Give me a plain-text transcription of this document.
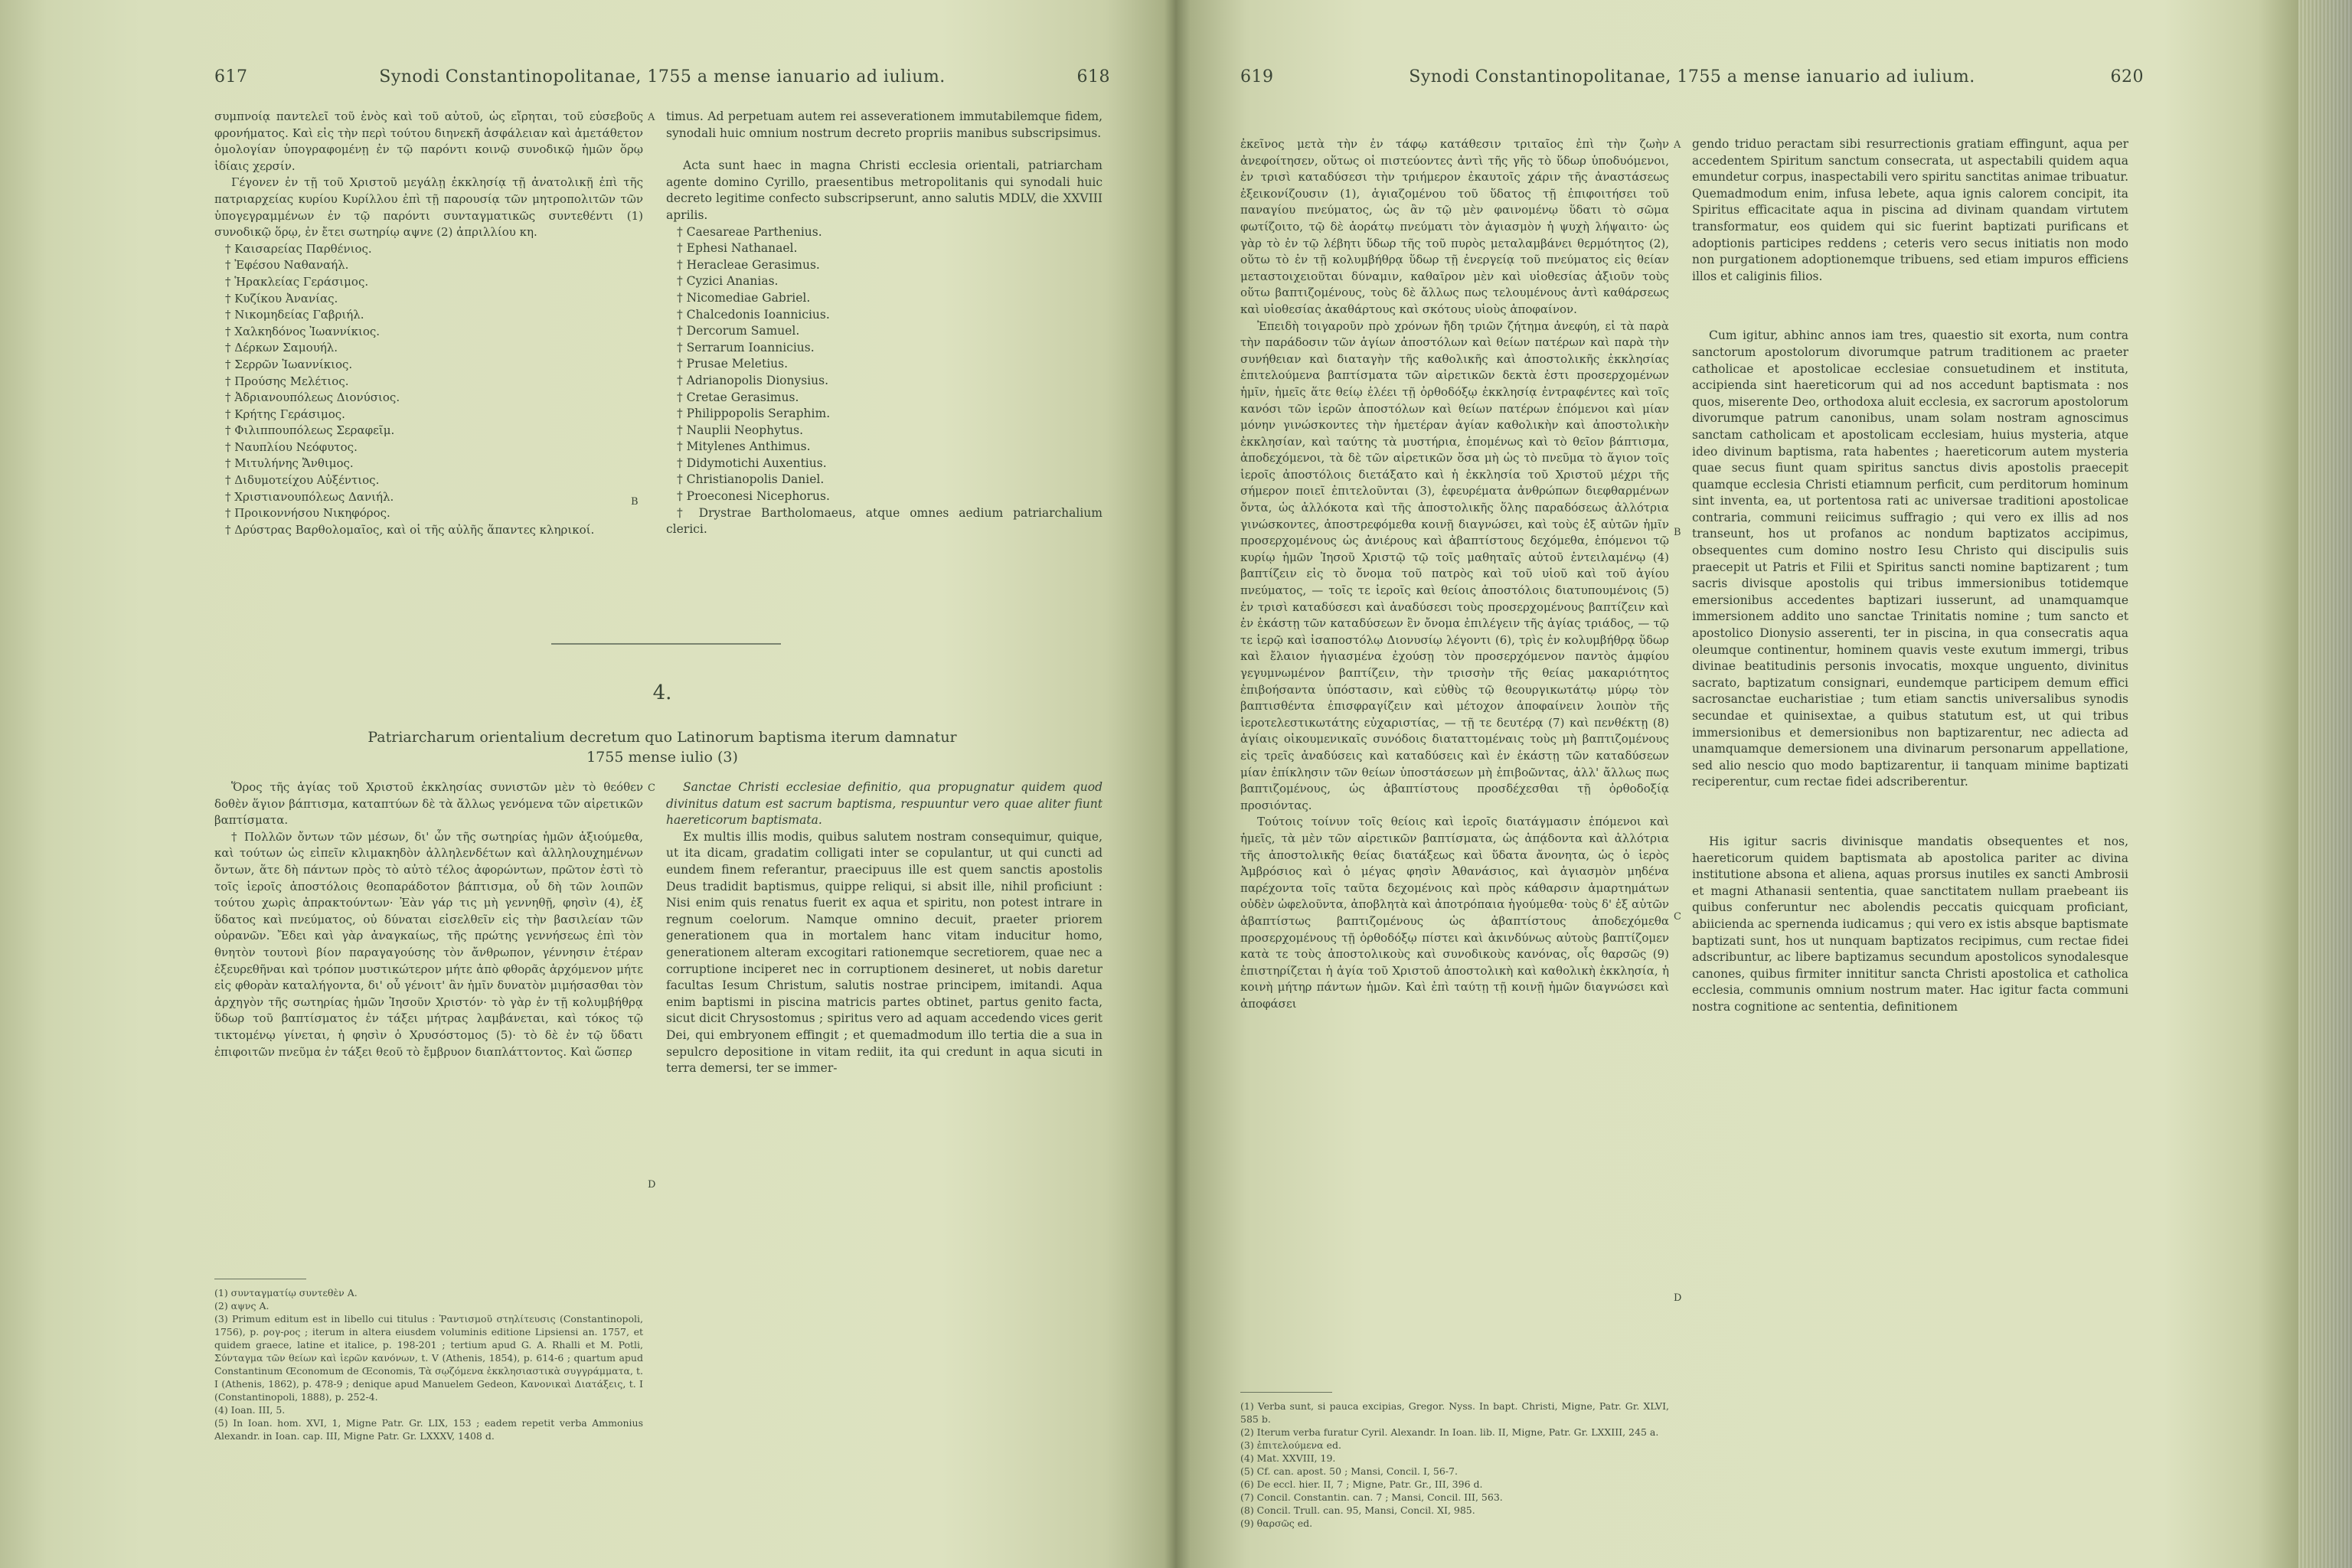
617	Synodi Constantinopolitanae, 1755 a mense ianuario ad iulium.	618

συμπνοίᾳ παντελεῖ τοῦ ἑνὸς καὶ τοῦ αὐτοῦ, ὡς εἴρηται, τοῦ εὐσεβοῦς φρονήματος. Καὶ εἰς τὴν περὶ τούτου διηνεκῆ ἀσφάλειαν καὶ ἀμετάθετον ὁμολογίαν ὑπογραφομένῃ ἐν τῷ παρόντι κοινῷ συνοδικῷ ἡμῶν ὅρῳ ἰδίαις χερσίν.

Γέγονεν ἐν τῇ τοῦ Χριστοῦ μεγάλῃ ἐκκλησίᾳ τῇ ἀνατολικῇ ἐπὶ τῆς πατριαρχείας κυρίου Κυρίλλου ἐπὶ τῇ παρουσίᾳ τῶν μητροπολιτῶν τῶν ὑπογεγραμμένων ἐν τῷ παρόντι συνταγματικῶς συντεθέντι (1) συνοδικῷ ὅρῳ, ἐν ἔτει σωτηρίῳ αψνε (2) ἀπριλλίου κη.

† Καισαρείας Παρθένιος.
† Ἐφέσου Ναθαναήλ.
† Ἡρακλείας Γεράσιμος.
† Κυζίκου Ἀνανίας.
† Νικομηδείας Γαβριήλ.
† Χαλκηδόνος Ἰωαννίκιος.
† Δέρκων Σαμουήλ.
† Σερρῶν Ἰωαννίκιος.
† Προύσης Μελέτιος.
† Ἀδριανουπόλεως Διονύσιος.
† Κρήτης Γεράσιμος.
† Φιλιππουπόλεως Σεραφεῖμ.
† Ναυπλίου Νεόφυτος.
† Μιτυλήνης Ἄνθιμος.
† Διδυμοτείχου Αὐξέντιος.
† Χριστιανουπόλεως Δανιήλ.
† Προικοννήσου Νικηφόρος.
† Δρύστρας Βαρθολομαῖος, καὶ οἱ τῆς αὐλῆς ἅπαντες κληρικοί.
A
B

timus. Ad perpetuam autem rei asseverationem immutabilemque fidem, synodali huic omnium nostrum decreto propriis manibus subscripsimus.

Acta sunt haec in magna Christi ecclesia orientali, patriarcham agente domino Cyrillo, praesentibus metropolitanis qui synodali huic decreto legitime confecto subscripserunt, anno salutis MDLV, die XXVIII aprilis.

† Caesareae Parthenius.
† Ephesi Nathanael.
† Heracleae Gerasimus.
† Cyzici Ananias.
† Nicomediae Gabriel.
† Chalcedonis Ioannicius.
† Dercorum Samuel.
† Serrarum Ioannicius.
† Prusae Meletius.
† Adrianopolis Dionysius.
† Cretae Gerasimus.
† Philippopolis Seraphim.
† Nauplii Neophytus.
† Mitylenes Anthimus.
† Didymotichi Auxentius.
† Christianopolis Daniel.
† Proeconesi Nicephorus.
† Drystrae Bartholomaeus, atque omnes aedium patriarchalium clerici.
4.
Patriarcharum orientalium decretum quo Latinorum baptisma iterum damnatur
1755 mense iulio (3)

Ὅρος τῆς ἁγίας τοῦ Χριστοῦ ἐκκλησίας συνιστῶν μὲν τὸ θεόθεν δοθὲν ἅγιον βάπτισμα, καταπτύων δὲ τὰ ἄλλως γενόμενα τῶν αἱρετικῶν βαπτίσματα.

† Πολλῶν ὄντων τῶν μέσων, δι' ὧν τῆς σωτηρίας ἡμῶν ἀξιούμεθα, καὶ τούτων ὡς εἰπεῖν κλιμακηδὸν ἀλληλενδέτων καὶ ἀλληλουχημένων ὄντων, ἅτε δὴ πάντων πρὸς τὸ αὐτὸ τέλος ἀφορώντων, πρῶτον ἐστὶ τὸ τοῖς ἱεροῖς ἀποστόλοις θεοπαράδοτον βάπτισμα, οὗ δὴ τῶν λοιπῶν τούτου χωρὶς ἀπρακτούντων· Ἐὰν γάρ τις μὴ γεννηθῇ, φησὶν (4), ἐξ ὕδατος καὶ πνεύματος, οὐ δύναται εἰσελθεῖν εἰς τὴν βασιλείαν τῶν οὐρανῶν. Ἔδει καὶ γὰρ ἀναγκαίως, τῆς πρώτης γεννήσεως ἐπὶ τὸν θνητὸν τουτονὶ βίον παραγαγούσης τὸν ἄνθρωπον, γέννησιν ἑτέραν ἐξευρεθῆναι καὶ τρόπον μυστικώτερον μήτε ἀπὸ φθορᾶς ἀρχόμενον μήτε εἰς φθορὰν καταλήγοντα, δι' οὗ γένοιτ' ἂν ἡμῖν δυνατὸν μιμήσασθαι τὸν ἀρχηγὸν τῆς σωτηρίας ἡμῶν Ἰησοῦν Χριστόν· τὸ γὰρ ἐν τῇ κολυμβήθρᾳ ὕδωρ τοῦ βαπτίσματος ἐν τάξει μήτρας λαμβάνεται, καὶ τόκος τῷ τικτομένῳ γίνεται, ἡ φησὶν ὁ Χρυσόστομος (5)· τὸ δὲ ἐν τῷ ὕδατι ἐπιφοιτῶν πνεῦμα ἐν τάξει θεοῦ τὸ ἔμβρυον διαπλάττοντος. Καὶ ὥσπερ

C
D

Sanctae Christi ecclesiae definitio, qua propugnatur quidem quod divinitus datum est sacrum baptisma, respuuntur vero quae aliter fiunt haereticorum baptismata.

Ex multis illis modis, quibus salutem nostram consequimur, quique, ut ita dicam, gradatim colligati inter se copulantur, ut qui cuncti ad eundem finem referantur, praecipuus ille est quem sanctis apostolis Deus tradidit baptismus, quippe reliqui, si absit ille, nihil proficiunt : Nisi enim quis renatus fuerit ex aqua et spiritu, non potest intrare in regnum coelorum. Namque omnino decuit, praeter priorem generationem qua in mortalem hanc vitam inducitur homo, generationem alteram excogitari rationemque secretiorem, quae nec a corruptione inciperet nec in corruptionem desineret, ut nobis daretur facultas Iesum Christum, salutis nostrae principem, imitandi. Aqua enim baptismi in piscina matricis partes obtinet, partus genito facta, sicut dicit Chrysostomus ; spiritus vero ad aquam accedendo vices gerit Dei, qui embryonem effingit ; et quemadmodum illo tertia die a sua in sepulcro depositione in vitam rediit, ita qui credunt in aqua sicuti in terra demersi, ter se immer-

(1) συνταγματίῳ συντεθὲν A.
(2) αψνς A.
(3) Primum editum est in libello cui titulus : Ῥαντισμοῦ στηλίτευσις (Constantinopoli, 1756), p. ρογ-ρος ; iterum in altera eiusdem voluminis editione Lipsiensi an. 1757, et quidem graece, latine et italice, p. 198-201 ; tertium apud G. A. Rhalli et M. Potli, Σύνταγμα τῶν θείων καὶ ἱερῶν κανόνων, t. V (Athenis, 1854), p. 614-6 ; quartum apud Constantinum Œconomum de Œconomis, Τὰ σῳζόμενα ἐκκλησιαστικὰ συγγράμματα, t. I (Athenis, 1862), p. 478-9 ; denique apud Manuelem Gedeon, Κανονικαὶ Διατάξεις, t. I (Constantinopoli, 1888), p. 252-4.
(4) Ioan. III, 5.
(5) In Ioan. hom. XVI, 1, Migne Patr. Gr. LIX, 153 ; eadem repetit verba Ammonius Alexandr. in Ioan. cap. III, Migne Patr. Gr. LXXXV, 1408 d.
619	Synodi Constantinopolitanae, 1755 a mense ianuario ad iulium.	620

ἐκεῖνος μετὰ τὴν ἐν τάφῳ κατάθεσιν τριταῖος ἐπὶ τὴν ζωὴν ἀνεφοίτησεν, οὕτως οἱ πιστεύοντες ἀντὶ τῆς γῆς τὸ ὕδωρ ὑποδυόμενοι, ἐν τρισὶ καταδύσεσι τὴν τριήμερον ἐκαυτοῖς χάριν τῆς ἀναστάσεως ἐξεικονίζουσιν (1), ἁγιαζομένου τοῦ ὕδατος τῇ ἐπιφοιτήσει τοῦ παναγίου πνεύματος, ὡς ἂν τῷ μὲν φαινομένῳ ὕδατι τὸ σῶμα φωτίζοιτο, τῷ δὲ ἀοράτῳ πνεύματι τὸν ἁγιασμὸν ἡ ψυχὴ λήψαιτο· ὡς γὰρ τὸ ἐν τῷ λέβητι ὕδωρ τῆς τοῦ πυρὸς μεταλαμβάνει θερμότητος (2), οὕτω τὸ ἐν τῇ κολυμβήθρᾳ ὕδωρ τῇ ἐνεργείᾳ τοῦ πνεύματος εἰς θείαν μεταστοιχειοῦται δύναμιν, καθαῖρον μὲν καὶ υἱοθεσίας ἀξιοῦν τοὺς οὕτω βαπτιζομένους, τοὺς δὲ ἄλλως πως τελουμένους ἀντὶ καθάρσεως καὶ υἱοθεσίας ἀκαθάρτους καὶ σκότους υἱοὺς ἀποφαίνον.

Ἐπειδὴ τοιγαροῦν πρὸ χρόνων ἤδη τριῶν ζήτημα ἀνεφύη, εἰ τὰ παρὰ τὴν παράδοσιν τῶν ἁγίων ἀποστόλων καὶ θείων πατέρων καὶ παρὰ τὴν συνήθειαν καὶ διαταγὴν τῆς καθολικῆς καὶ ἀποστολικῆς ἐκκλησίας ἐπιτελούμενα βαπτίσματα τῶν αἱρετικῶν δεκτὰ ἐστι προσερχομένων ἡμῖν, ἡμεῖς ἅτε θείῳ ἐλέει τῇ ὀρθοδόξῳ ἐκκλησίᾳ ἐντραφέντες καὶ τοῖς κανόσι τῶν ἱερῶν ἀποστόλων καὶ θείων πατέρων ἑπόμενοι καὶ μίαν μόνην γινώσκοντες τὴν ἡμετέραν ἁγίαν καθολικὴν καὶ ἀποστολικὴν ἐκκλησίαν, καὶ ταύτης τὰ μυστήρια, ἑπομένως καὶ τὸ θεῖον βάπτισμα, ἀποδεχόμενοι, τὰ δὲ τῶν αἱρετικῶν ὅσα μὴ ὡς τὸ πνεῦμα τὸ ἅγιον τοῖς ἱεροῖς ἀποστόλοις διετάξατο καὶ ἡ ἐκκλησία τοῦ Χριστοῦ μέχρι τῆς σήμερον ποιεῖ ἐπιτελοῦνται (3), ἐφευρέματα ἀνθρώπων διεφθαρμένων ὄντα, ὡς ἀλλόκοτα καὶ τῆς ἀποστολικῆς ὅλης παραδόσεως ἀλλότρια γινώσκοντες, ἀποστρεφόμεθα κοινῇ διαγνώσει, καὶ τοὺς ἐξ αὐτῶν ἡμῖν προσερχομένους ὡς ἀνιέρους καὶ ἀβαπτίστους δεχόμεθα, ἑπόμενοι τῷ κυρίῳ ἡμῶν Ἰησοῦ Χριστῷ τῷ τοῖς μαθηταῖς αὐτοῦ ἐντειλαμένῳ (4) βαπτίζειν εἰς τὸ ὄνομα τοῦ πατρὸς καὶ τοῦ υἱοῦ καὶ τοῦ ἁγίου πνεύματος, — τοῖς τε ἱεροῖς καὶ θείοις ἀποστόλοις διατυπουμένοις (5) ἐν τρισὶ καταδύσεσι καὶ ἀναδύσεσι τοὺς προσερχομένους βαπτίζειν καὶ ἐν ἑκάστῃ τῶν καταδύσεων ἓν ὄνομα ἐπιλέγειν τῆς ἁγίας τριάδος, — τῷ τε ἱερῷ καὶ ἰσαποστόλῳ Διονυσίῳ λέγοντι (6), τρὶς ἐν κολυμβήθρᾳ ὕδωρ καὶ ἔλαιον ἠγιασμένα ἐχούσῃ τὸν προσερχόμενον παντὸς ἀμφίου γεγυμνωμένον βαπτίζειν, τὴν τρισσὴν τῆς θείας μακαριότητος ἐπιβοήσαντα ὑπόστασιν, καὶ εὐθὺς τῷ θεουργικωτάτῳ μύρῳ τὸν βαπτισθέντα ἐπισφραγίζειν καὶ μέτοχον ἀποφαίνειν λοιπὸν τῆς ἱεροτελεστικωτάτης εὐχαριστίας, — τῇ τε δευτέρᾳ (7) καὶ πενθέκτῃ (8) ἁγίαις οἰκουμενικαῖς συνόδοις διαταττομέναις τοὺς μὴ βαπτιζομένους εἰς τρεῖς ἀναδύσεις καὶ καταδύσεις καὶ ἐν ἑκάστῃ τῶν καταδύσεων μίαν ἐπίκλησιν τῶν θείων ὑποστάσεων μὴ ἐπιβοῶντας, ἀλλ' ἄλλως πως βαπτιζομένους, ὡς ἀβαπτίστους προσδέχεσθαι τῇ ὀρθοδοξίᾳ προσιόντας.

Τούτοις τοίνυν τοῖς θείοις καὶ ἱεροῖς διατάγμασιν ἑπόμενοι καὶ ἡμεῖς, τὰ μὲν τῶν αἱρετικῶν βαπτίσματα, ὡς ἀπᾴδοντα καὶ ἀλλότρια τῆς ἀποστολικῆς θείας διατάξεως καὶ ὕδατα ἄνονητα, ὡς ὁ ἱερὸς Ἀμβρόσιος καὶ ὁ μέγας φησὶν Ἀθανάσιος, καὶ ἁγιασμὸν μηδένα παρέχοντα τοῖς ταῦτα δεχομένοις καὶ πρὸς κάθαρσιν ἁμαρτημάτων οὐδὲν ὠφελοῦντα, ἀποβλητὰ καὶ ἀποτρόπαια ἡγούμεθα· τοὺς δ' ἐξ αὐτῶν ἀβαπτίστως βαπτιζομένους ὡς ἀβαπτίστους ἀποδεχόμεθα προσερχομένους τῇ ὀρθοδόξῳ πίστει καὶ ἀκινδύνως αὐτοὺς βαπτίζομεν κατὰ τε τοὺς ἀποστολικοὺς καὶ συνοδικοὺς κανόνας, οἷς θαρσῶς (9) ἐπιστηρίζεται ἡ ἁγία τοῦ Χριστοῦ ἀποστολικὴ καὶ καθολικὴ ἐκκλησία, ἡ κοινὴ μήτηρ πάντων ἡμῶν. Καὶ ἐπὶ ταύτῃ τῇ κοινῇ ἡμῶν διαγνώσει καὶ ἀποφάσει

A
B
C
D

gendo triduo peractam sibi resurrectionis gratiam effingunt, aqua per accedentem Spiritum sanctum consecrata, ut aspectabili quidem aqua emundetur corpus, inaspectabili vero spiritu sanctitas animae tribuatur. Quemadmodum enim, infusa lebete, aqua ignis calorem concipit, ita Spiritus efficacitate aqua in piscina ad divinam quandam virtutem transformatur, eos quidem qui sic fuerint baptizati purificans et adoptionis participes reddens ; ceteris vero secus initiatis non modo non purgationem adoptionemque tribuens, sed etiam impuros efficiens illos et caliginis filios.

Cum igitur, abhinc annos iam tres, quaestio sit exorta, num contra sanctorum apostolorum divorumque patrum traditionem ac praeter catholicae et apostolicae ecclesiae consuetudinem et instituta, accipienda sint haereticorum qui ad nos accedunt baptismata : nos quos, miserente Deo, orthodoxa aluit ecclesia, ex sacrorum apostolorum divorumque patrum canonibus, unam solam nostram agnoscimus sanctam catholicam et apostolicam ecclesiam, huius mysteria, atque ideo divinum baptisma, rata habentes ; haereticorum autem mysteria quae secus fiunt quam spiritus sanctus divis apostolis praecepit quamque ecclesia Christi etiamnum perficit, cum perditorum hominum sint inventa, ea, ut portentosa rati ac universae traditioni apostolicae contraria, communi reiicimus suffragio ; qui vero ex illis ad nos transeunt, hos ut profanos ac nondum baptizatos accipimus, obsequentes cum domino nostro Iesu Christo qui discipulis suis praecepit ut Patris et Filii et Spiritus sancti nomine baptizarent ; tum sacris divisque apostolis qui tribus immersionibus totidemque emersionibus accedentes baptizari iusserunt, ad unamquamque immersionem addito uno sanctae Trinitatis nomine ; tum sancto et apostolico Dionysio asserenti, ter in piscina, in qua consecratis aqua oleumque continentur, hominem quavis veste exutum immergi, tribus divinae beatitudinis personis invocatis, moxque unguento, divinitus sacrato, baptizatum consignari, eundemque participem demum effici sacrosanctae eucharistiae ; tum etiam sanctis universalibus synodis secundae et quinisextae, a quibus statutum est, ut qui tribus immersionibus et demersionibus non baptizarentur, nec adiecta ad unamquamque demersionem una divinarum personarum appellatione, sed alio nescio quo modo baptizarentur, ii tanquam minime baptizati reciperentur, cum rectae fidei adscriberentur.

His igitur sacris divinisque mandatis obsequentes et nos, haereticorum quidem baptismata ab apostolica pariter ac divina institutione absona et aliena, aquas prorsus inutiles ex sancti Ambrosii et magni Athanasii sententia, quae sanctitatem nullam praebeant iis quibus conferuntur nec abolendis peccatis quicquam proficiant, abiiciendа ac spernenda iudicamus ; qui vero ex istis absque baptismate baptizati sunt, hos ut nunquam baptizatos recipimus, cum rectae fidei adscribuntur, ac libere baptizamus secundum apostolicos synodalesque canones, quibus firmiter innititur sancta Christi apostolica et catholica ecclesia, communis omnium nostrum mater. Hac igitur facta communi nostra cognitione ac sententia, definitionem

(1) Verba sunt, si pauca excipias, Gregor. Nyss. In bapt. Christi, Migne, Patr. Gr. XLVI, 585 b.
(2) Iterum verba furatur Cyril. Alexandr. In Ioan. lib. II, Migne, Patr. Gr. LXXIII, 245 a.
(3) ἐπιτελούμενα ed.
(4) Mat. XXVIII, 19.
(5) Cf. can. apost. 50 ; Mansi, Concil. I, 56-7.
(6) De eccl. hier. II, 7 ; Migne, Patr. Gr., III, 396 d.
(7) Concil. Constantin. can. 7 ; Mansi, Concil. III, 563.
(8) Concil. Trull. can. 95, Mansi, Concil. XI, 985.
(9) θαρσῶς ed.
